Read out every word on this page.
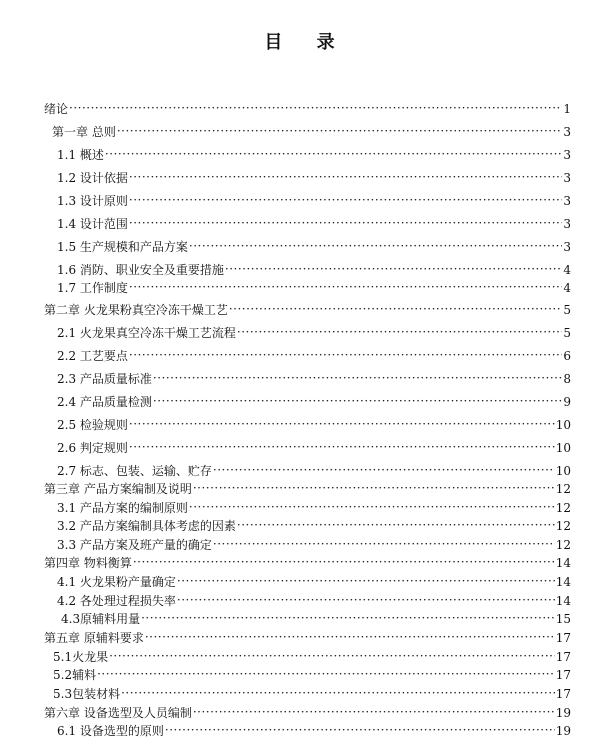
目 录
绪论 ·····	1
第一章 总则 ·····	3
1.1 概述 ·····	3
1.2 设计依据 ·····	3
1.3 设计原则 ·····	3
1.4 设计范围 ·····	3
1.5 生产规模和产品方案 ·····	3
1.6 消防、职业安全及重要措施 ·····	4
1.7 工作制度 ·····	4
第二章 火龙果粉真空冷冻干燥工艺 ·····	5
2.1 火龙果真空冷冻干燥工艺流程 ·····	5
2.2 工艺要点 ·····	6
2.3 产品质量标准 ·····	8
2.4 产品质量检测 ·····	9
2.5 检验规则 ·····	10
2.6 判定规则 ·····	10
2.7 标志、包装、运输、贮存 ·····	10
第三章 产品方案编制及说明 ·····	12
3.1 产品方案的编制原则 ·····	12
3.2 产品方案编制具体考虑的因素 ·····	12
3.3 产品方案及班产量的确定 ·····	12
第四章 物料衡算 ·····	14
4.1 火龙果粉产量确定 ·····	14
4.2 各处理过程损失率 ·····	14
4.3原辅料用量 ·····	15
第五章 原辅料要求 ·····	17
5.1火龙果 ·····	17
5.2辅料 ·····	17
5.3包装材料 ·····	17
第六章 设备选型及人员编制 ·····	19
6.1 设备选型的原则 ·····	19
